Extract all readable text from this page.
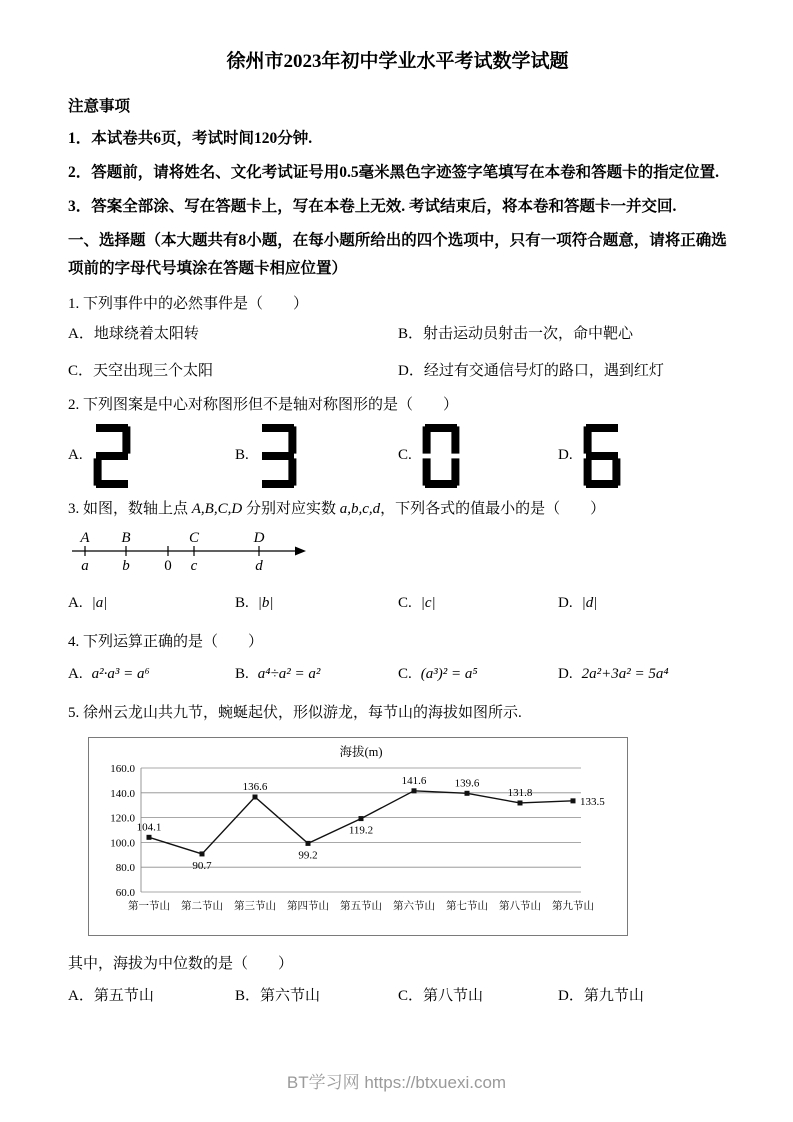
徐州市2023年初中学业水平考试数学试题
注意事项
1．本试卷共6页，考试时间120分钟.
2．答题前，请将姓名、文化考试证号用0.5毫米黑色字迹签字笔填写在本卷和答题卡的指定位置.
3．答案全部涂、写在答题卡上，写在本卷上无效. 考试结束后，将本卷和答题卡一并交回.
一、选择题（本大题共有8小题，在每小题所给出的四个选项中，只有一项符合题意，请将正确选项前的字母代号填涂在答题卡相应位置）
1. 下列事件中的必然事件是（　　）
A．地球绕着太阳转	B．射击运动员射击一次，命中靶心
C．天空出现三个太阳	D．经过有交通信号灯的路口，遇到红灯
2. 下列图案是中心对称图形但不是轴对称图形的是（　　）
A.	B.	C.	D.
3. 如图，数轴上点 A,B,C,D 分别对应实数 a,b,c,d，下列各式的值最小的是（　　）
A
a
B
b 0
C
c
D
d
A. |a|	B. |b|	C. |c|	D. |d|
4. 下列运算正确的是（　　）
A. a²·a³ = a⁶	B. a⁴÷a² = a²	C. (a³)² = a⁵	D. 2a²+3a² = 5a⁴
5. 徐州云龙山共九节，蜿蜒起伏，形似游龙，每节山的海拔如图所示.
160.0
140.0
120.0
100.0
80.0
60.0
104.1
90.7
136.6
99.2
119.2
141.6	139.6
131.8
133.5
第一节山 第二节山 第三节山 第四节山 第五节山 第六节山 第七节山 第八节山 第九节山
海拔(m)
其中，海拔为中位数的是（　　）
A．第五节山	B．第六节山	C．第八节山	D．第九节山
BT学习网 https://btxuexi.com
